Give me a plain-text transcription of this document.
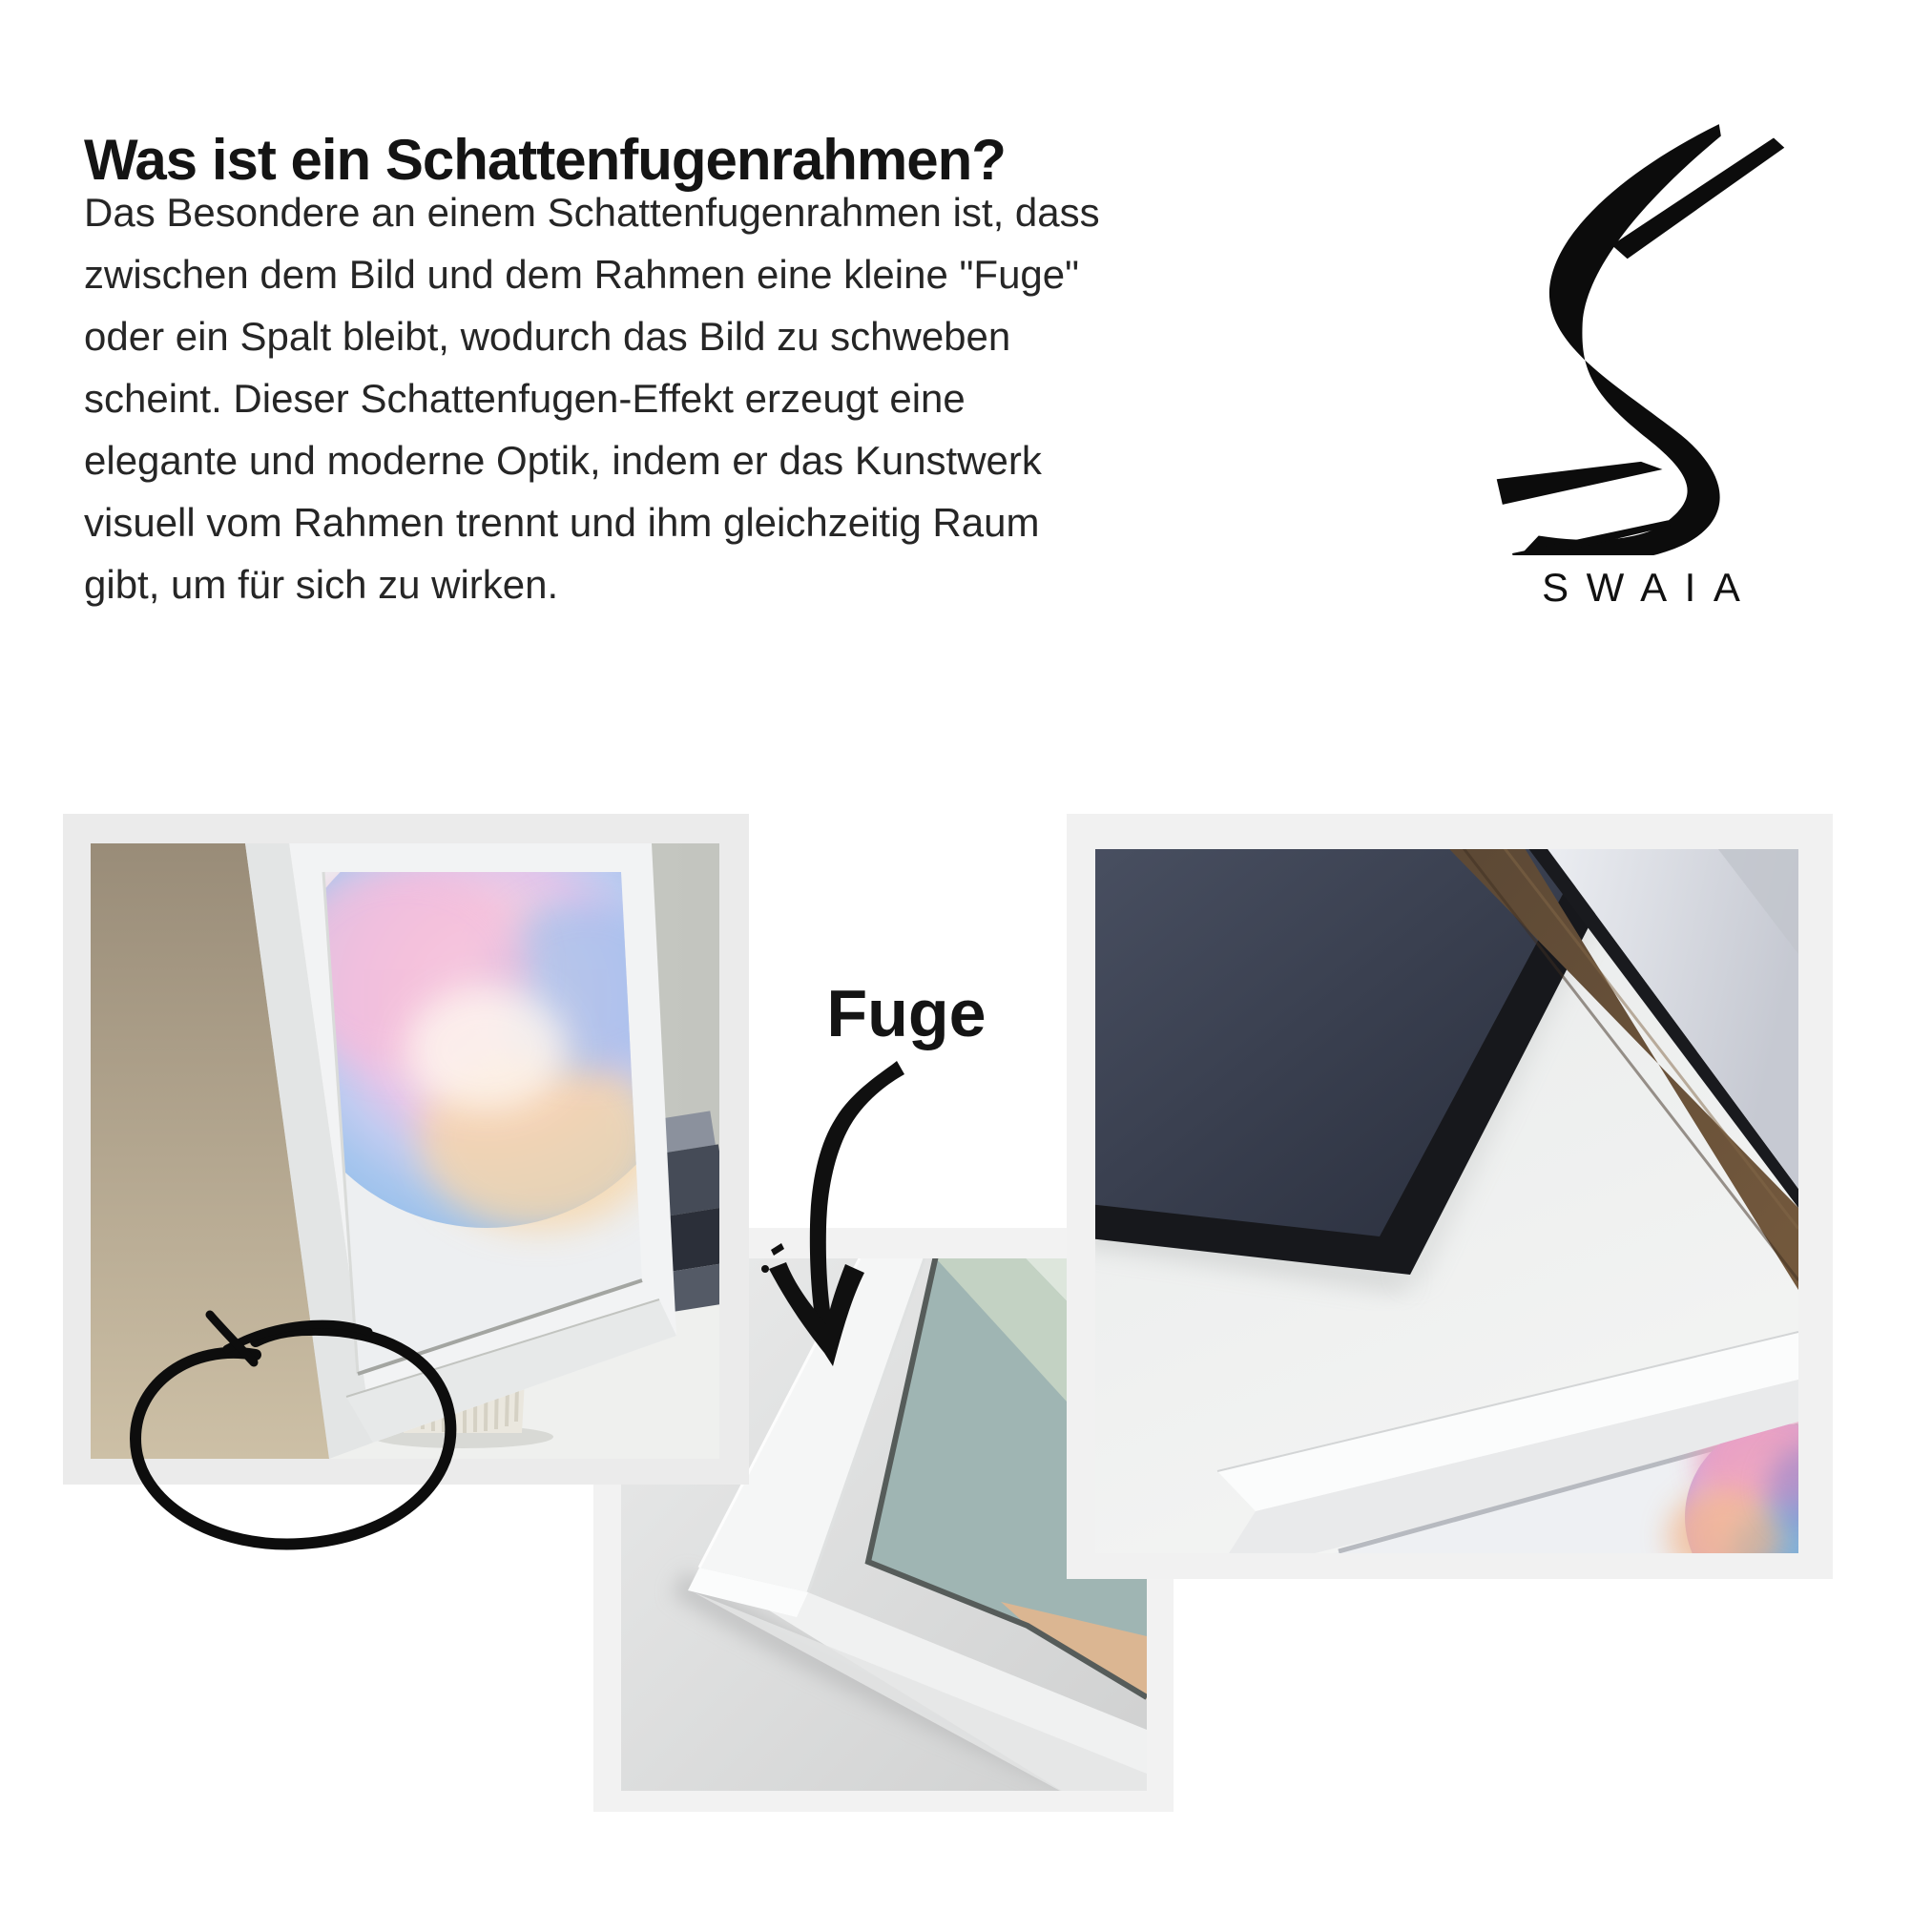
Was ist ein Schattenfugenrahmen?
Das Besondere an einem Schattenfugenrahmen ist, dass
zwischen dem Bild und dem Rahmen eine kleine "Fuge"
oder ein Spalt bleibt, wodurch das Bild zu schweben
scheint. Dieser Schattenfugen-Effekt erzeugt eine
elegante und moderne Optik, indem er das Kunstwerk
visuell vom Rahmen trennt und ihm gleichzeitig Raum
gibt, um für sich zu wirken.	SWAIA
Fuge
